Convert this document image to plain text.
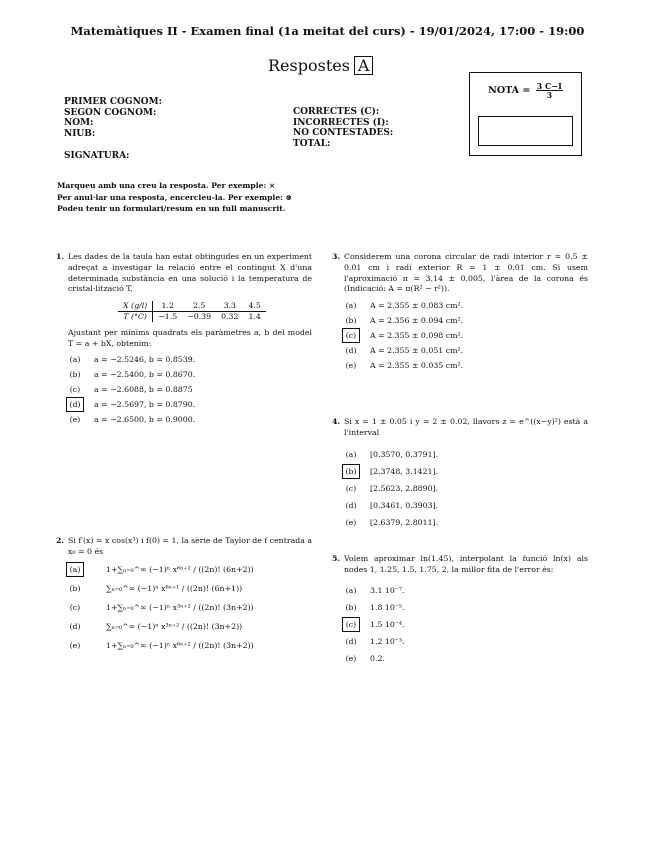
Matemàtiques II - Examen final (1a meitat del curs) - 19/01/2024, 17:00 - 19:00
Respostes A
NOTA = $\frac{3 C-I}{3}$
PRIMER COGNOM:
SEGON COGNOM:
NOM:
NIUB:
SIGNATURA:
CORRECTES (C):
INCORRECTES (I):
NO CONTESTADES:
TOTAL:
Marqueu amb una creu la resposta. Per exemple: ×
Per anul·lar una resposta, encercleu-la. Per exemple: ⊗
Podeu tenir un formulari/resum en un full manuscrit.
1. Les dades de la taula han estat obtingudes en un experiment adreçat a investigar la relació entre el contingut X d'una determinada substància en una solució i la temperatura de cristal·lització T,
X (g/l)	1.2	2.5	3.3	4.5
T (°C)	−1.5	−0.39	0.32	1.4
Ajustant per mínims quadrats els paràmetres a, b del model T = a + bX, obtenim:
(a) a = −2.5246, b = 0.8539.
(b) a = −2.5400, b = 0.8670.
(c) a = −2.6088, b = 0.8875
(d)	a = −2.5697, b = 0.8790.
(e) a = −2.6500, b = 0.9000.
2. Si f′(x) = x cos(x³) i f(0) = 1, la sèrie de Taylor de f centrada a x₀ = 0 és
(a)	1+∑ₙ₌₀^∞ (−1)ⁿ x⁶ⁿ⁺² / ((2n)! (6n+2))
(b)	∑ₙ₌₀^∞ (−1)ⁿ x⁶ⁿ⁺¹ / ((2n)! (6n+1))
(c)	1+∑ₙ₌₀^∞ (−1)ⁿ x³ⁿ⁺² / ((2n)! (3n+2))
(d)	∑ₙ₌₀^∞ (−1)ⁿ x³ⁿ⁺² / ((2n)! (3n+2))
(e)	1+∑ₙ₌₀^∞ (−1)ⁿ x⁶ⁿ⁺² / ((2n)! (3n+2))
3. Considerem una corona circular de radi interior r = 0.5 ± 0.01 cm i radi exterior R = 1 ± 0.01 cm. Si usem l'aproximació π = 3.14 ± 0.005, l'àrea de la corona és (Indicació: A = π(R² − r²)).
(a) A = 2.355 ± 0.083 cm².
(b) A = 2.356 ± 0.094 cm².
(c)	A = 2.355 ± 0.098 cm².
(d) A = 2.355 ± 0.051 cm².
(e) A = 2.355 ± 0.035 cm².
4. Si x = 1 ± 0.05 i y = 2 ± 0.02, llavors z = e^((x−y)²) està a l'interval
(a) [0.3570, 0.3791].
(b)	[2.3748, 3.1421].
(c) [2.5623, 2.8890].
(d) [0.3461, 0.3903].
(e) [2.6379, 2.8011].
5. Volem aproximar ln(1.45), interpolant la funció ln(x) als nodes 1, 1.25, 1.5, 1.75, 2, la millor fita de l'error és:
(a) 3.1 10⁻⁷.
(b) 1.8 10⁻⁵.
(c)	1.5 10⁻⁴.
(d) 1.2 10⁻³.
(e) 0.2.
